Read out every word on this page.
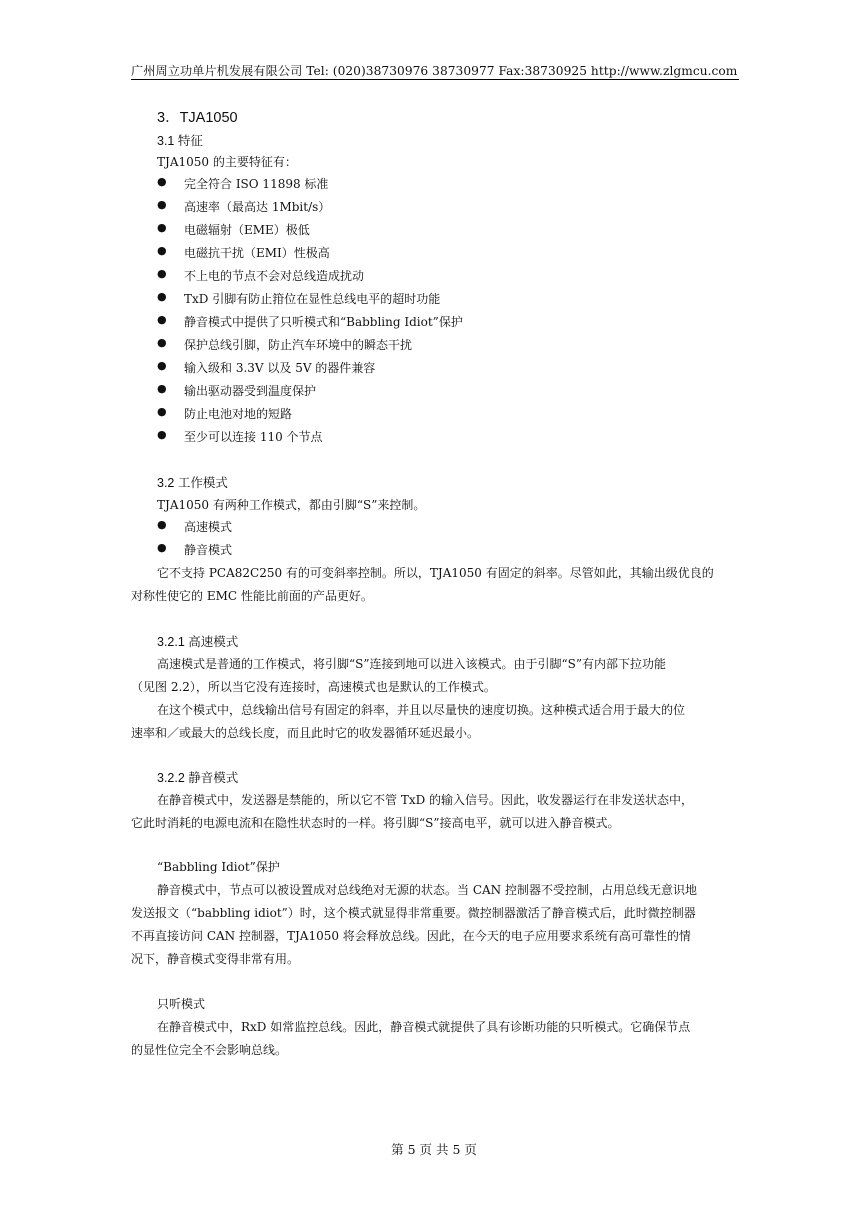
广州周立功单片机发展有限公司 Tel: (020)38730976 38730977 Fax:38730925 http://www.zlgmcu.com
3．TJA1050
3.1 特征
TJA1050 的主要特征有：
● 完全符合 ISO 11898 标准
● 高速率（最高达 1Mbit/s）
● 电磁辐射（EME）极低
● 电磁抗干扰（EMI）性极高
● 不上电的节点不会对总线造成扰动
● TxD 引脚有防止箝位在显性总线电平的超时功能
● 静音模式中提供了只听模式和“Babbling Idiot”保护
● 保护总线引脚，防止汽车环境中的瞬态干扰
● 输入级和 3.3V 以及 5V 的器件兼容
● 输出驱动器受到温度保护
● 防止电池对地的短路
● 至少可以连接 110 个节点
3.2 工作模式
TJA1050 有两种工作模式，都由引脚“S”来控制。
● 高速模式
● 静音模式
它不支持 PCA82C250 有的可变斜率控制。所以，TJA1050 有固定的斜率。尽管如此，其输出级优良的
对称性使它的 EMC 性能比前面的产品更好。
3.2.1 高速模式
高速模式是普通的工作模式，将引脚“S”连接到地可以进入该模式。由于引脚“S”有内部下拉功能
（见图 2.2），所以当它没有连接时，高速模式也是默认的工作模式。
在这个模式中，总线输出信号有固定的斜率，并且以尽量快的速度切换。这种模式适合用于最大的位
速率和／或最大的总线长度，而且此时它的收发器循环延迟最小。
3.2.2 静音模式
在静音模式中，发送器是禁能的，所以它不管 TxD 的输入信号。因此，收发器运行在非发送状态中，
它此时消耗的电源电流和在隐性状态时的一样。将引脚“S”接高电平，就可以进入静音模式。
“Babbling Idiot”保护
静音模式中，节点可以被设置成对总线绝对无源的状态。当 CAN 控制器不受控制，占用总线无意识地
发送报文（“babbling idiot”）时，这个模式就显得非常重要。微控制器激活了静音模式后，此时微控制器
不再直接访问 CAN 控制器，TJA1050 将会释放总线。因此，在今天的电子应用要求系统有高可靠性的情
况下，静音模式变得非常有用。
只听模式
在静音模式中，RxD 如常监控总线。因此，静音模式就提供了具有诊断功能的只听模式。它确保节点
的显性位完全不会影响总线。
第 5 页 共 5 页
